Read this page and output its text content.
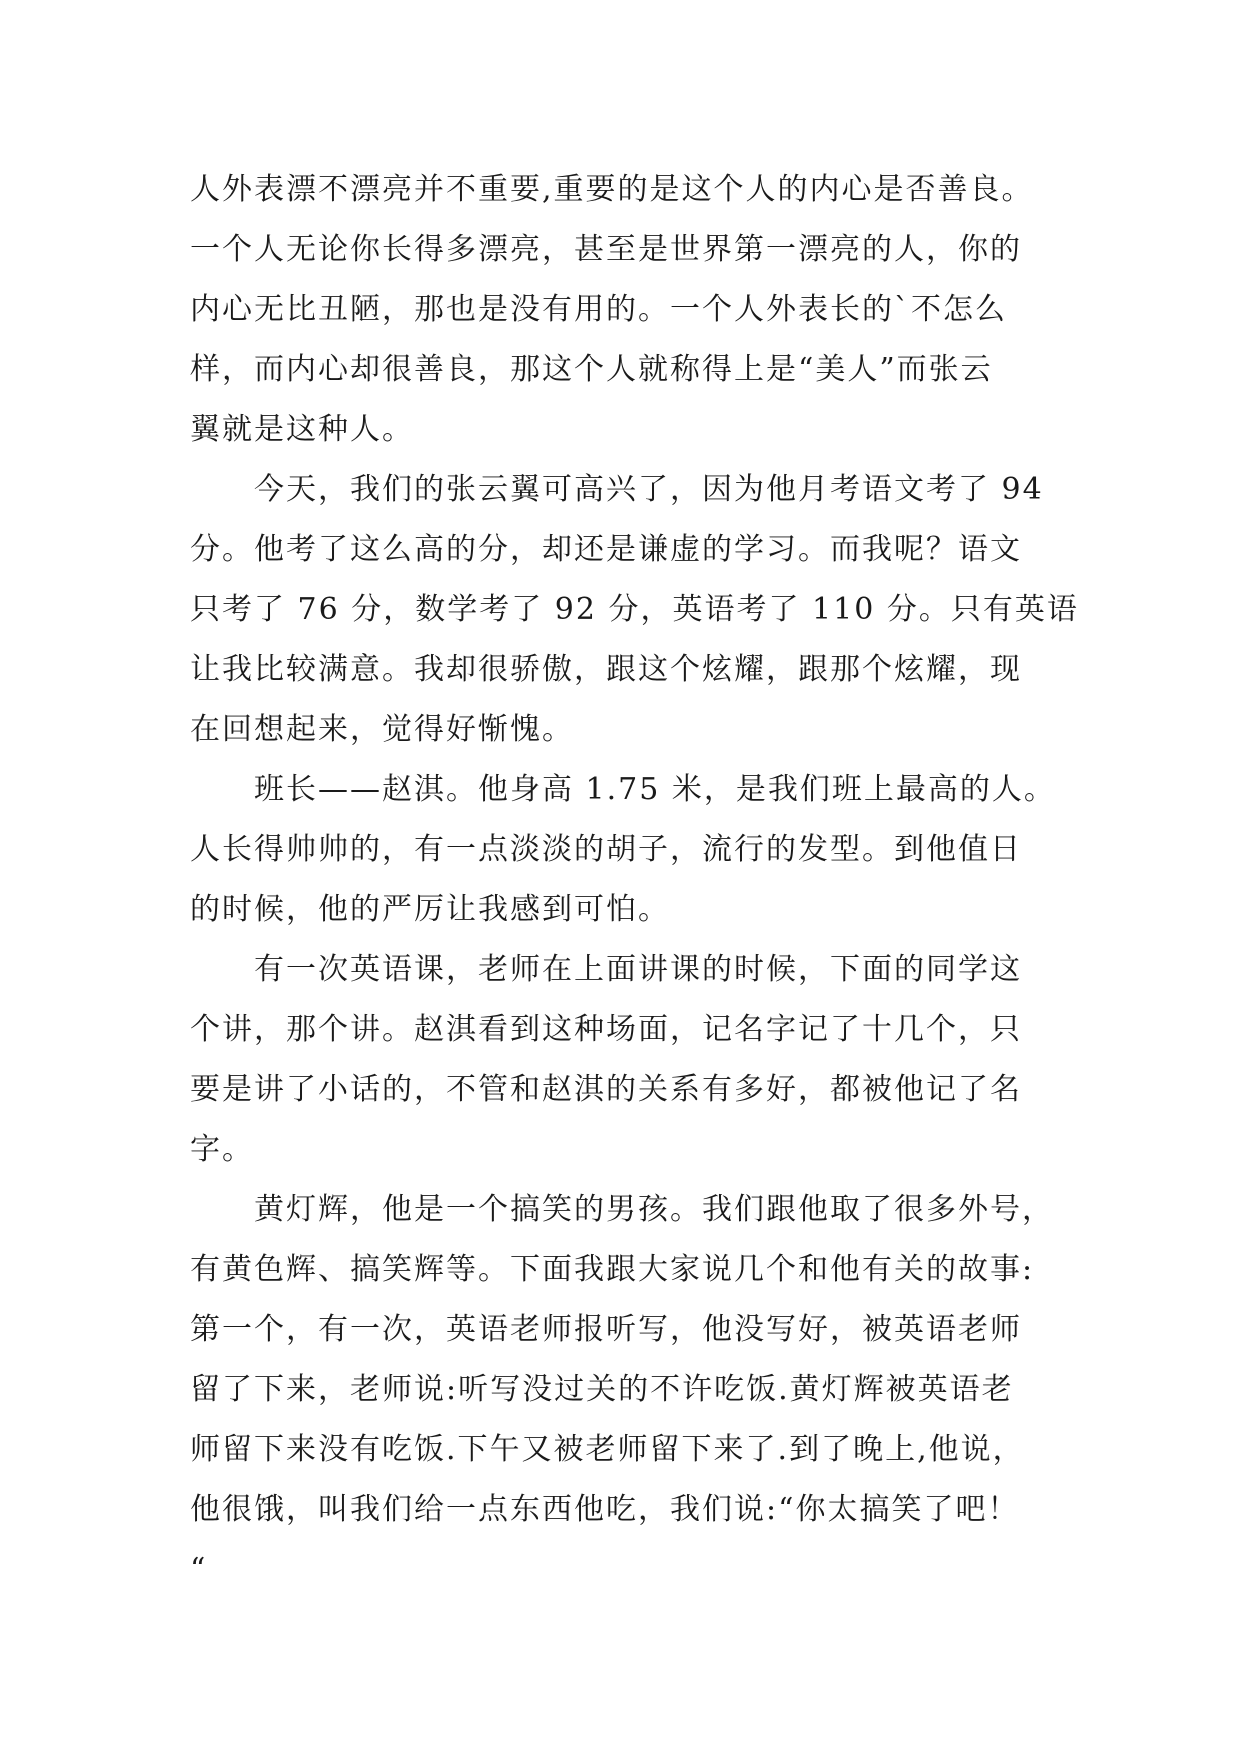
人外表漂不漂亮并不重要,重要的是这个人的内心是否善良。
一个人无论你长得多漂亮，甚至是世界第一漂亮的人，你的
内心无比丑陋，那也是没有用的。一个人外表长的`不怎么
样，而内心却很善良，那这个人就称得上是“美人”而张云
翼就是这种人。
　　今天，我们的张云翼可高兴了，因为他月考语文考了 94
分。他考了这么高的分，却还是谦虚的学习。而我呢？语文
只考了 76 分，数学考了 92 分，英语考了 110 分。只有英语
让我比较满意。我却很骄傲，跟这个炫耀，跟那个炫耀，现
在回想起来，觉得好惭愧。
　　班长——赵淇。他身高 1.75 米，是我们班上最高的人。
人长得帅帅的，有一点淡淡的胡子，流行的发型。到他值日
的时候，他的严厉让我感到可怕。
　　有一次英语课，老师在上面讲课的时候，下面的同学这
个讲，那个讲。赵淇看到这种场面，记名字记了十几个，只
要是讲了小话的，不管和赵淇的关系有多好，都被他记了名
字。
　　黄灯辉，他是一个搞笑的男孩。我们跟他取了很多外号，
有黄色辉、搞笑辉等。下面我跟大家说几个和他有关的故事:
第一个，有一次，英语老师报听写，他没写好，被英语老师
留了下来，老师说:听写没过关的不许吃饭.黄灯辉被英语老
师留下来没有吃饭.下午又被老师留下来了.到了晚上,他说，
他很饿，叫我们给一点东西他吃，我们说:“你太搞笑了吧！
“
